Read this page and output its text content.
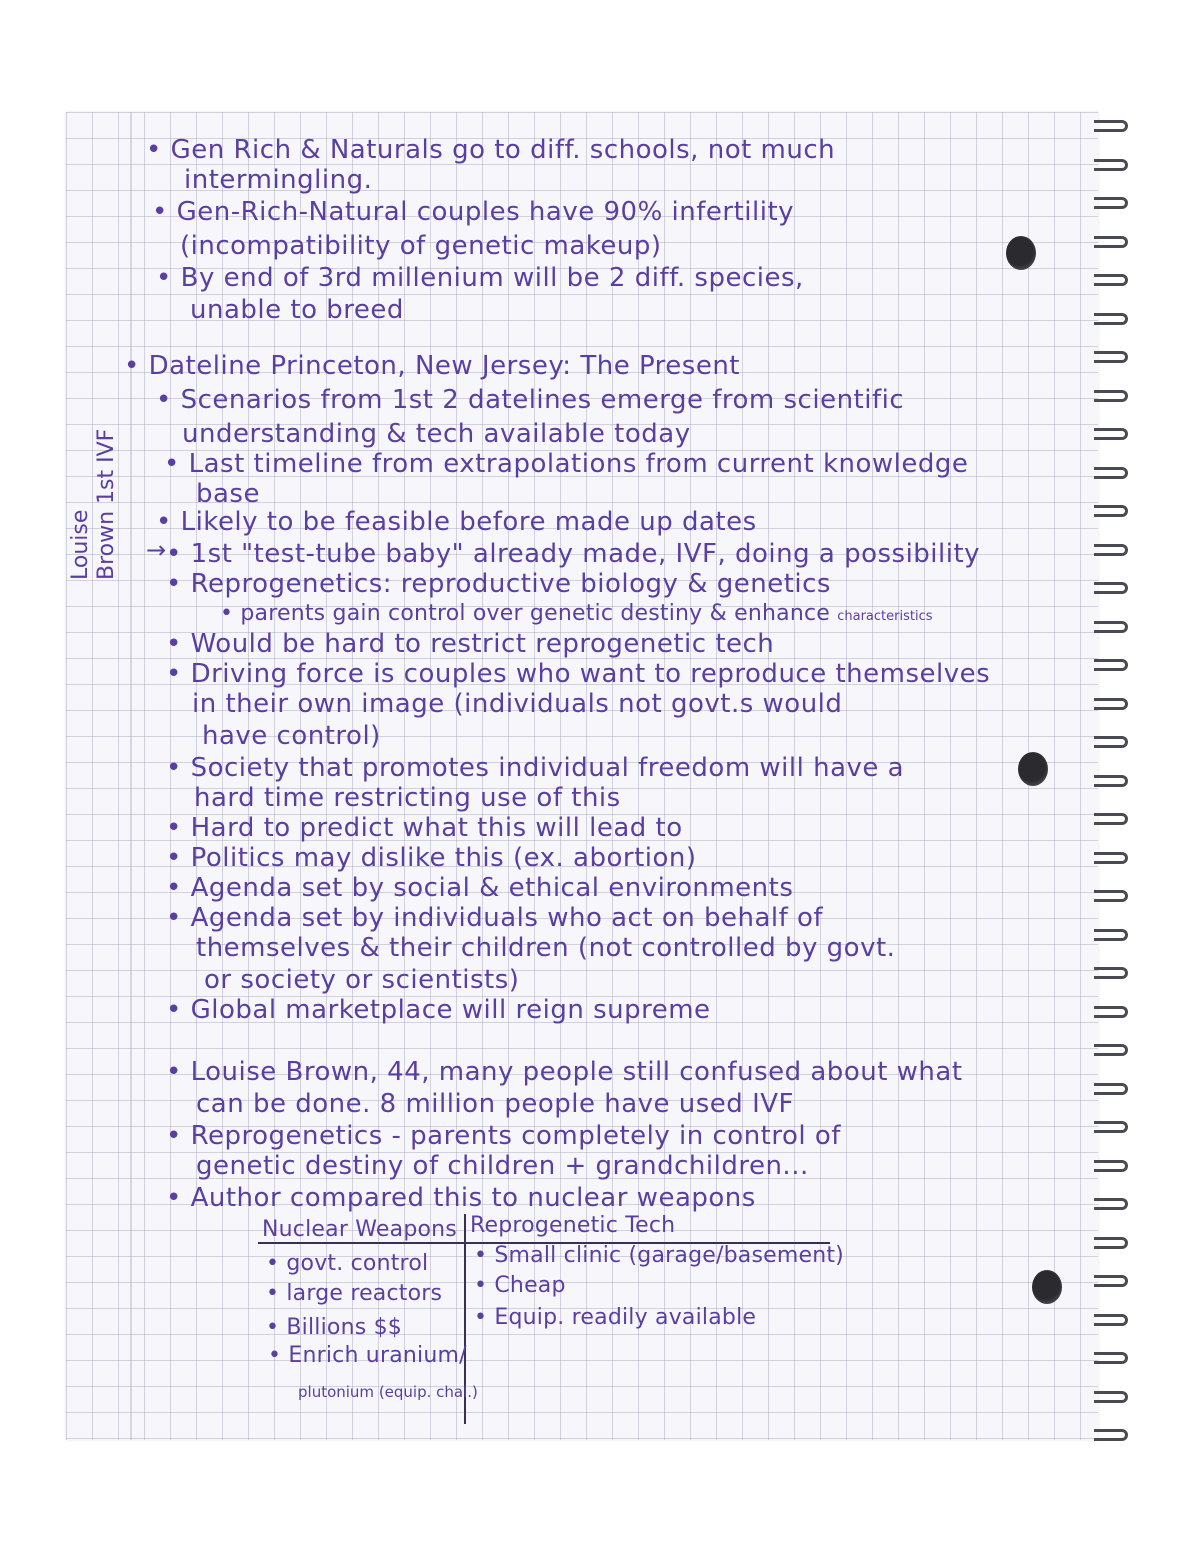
Louise Brown 1st IVF →
• Gen Rich & Naturals go to diff. schools, not much
intermingling.
• Gen-Rich-Natural couples have 90% infertility
(incompatibility of genetic makeup)
• By end of 3rd millenium will be 2 diff. species,
unable to breed
• Dateline Princeton, New Jersey: The Present
• Scenarios from 1st 2 datelines emerge from scientific
understanding & tech available today
• Last timeline from extrapolations from current knowledge
base
• Likely to be feasible before made up dates
• 1st "test-tube baby" already made, IVF, doing a possibility
• Reprogenetics: reproductive biology & genetics
• parents gain control over genetic destiny & enhance characteristics
• Would be hard to restrict reprogenetic tech
• Driving force is couples who want to reproduce themselves
in their own image (individuals not govt.s would
have control)
• Society that promotes individual freedom will have a
hard time restricting use of this
• Hard to predict what this will lead to
• Politics may dislike this (ex. abortion)
• Agenda set by social & ethical environments
• Agenda set by individuals who act on behalf of
themselves & their children (not controlled by govt.
or society or scientists)
• Global marketplace will reign supreme
• Louise Brown, 44, many people still confused about what
can be done. 8 million people have used IVF
• Reprogenetics - parents completely in control of
genetic destiny of children + grandchildren...
• Author compared this to nuclear weapons
Nuclear Weapons Reprogenetic Tech
• govt. control
• large reactors
• Billions $$
• Enrich uranium/
plutonium (equip. chal.)
• Small clinic (garage/basement)
• Cheap
• Equip. readily available
